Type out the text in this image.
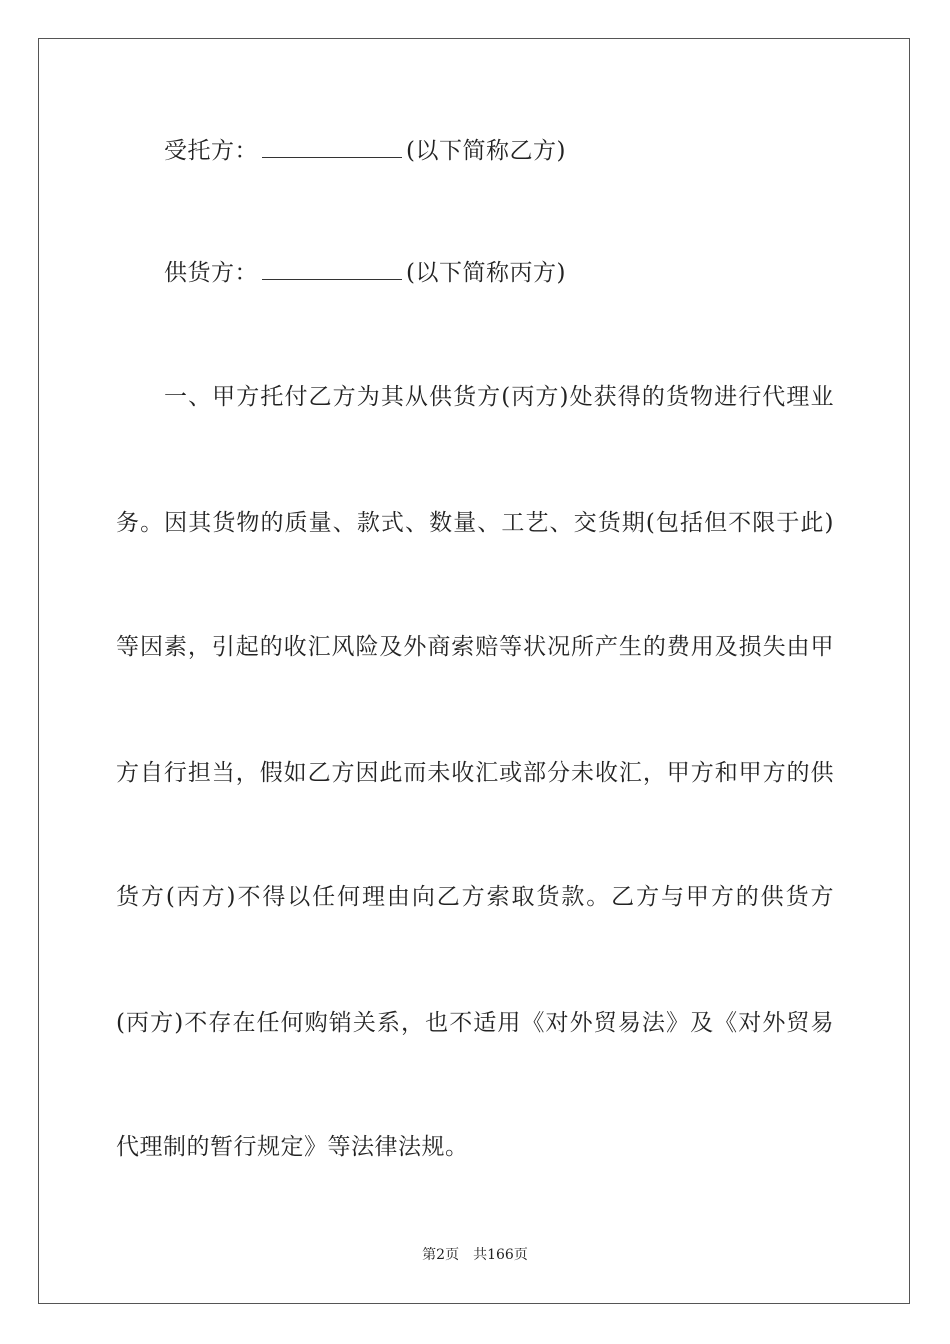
受托方：	(以下简称乙方)
供货方：	(以下简称丙方)
一、甲方托付乙方为其从供货方(丙方)处获得的货物进行代理业
务。因其货物的质量、款式、数量、工艺、交货期(包括但不限于此)
等因素，引起的收汇风险及外商索赔等状况所产生的费用及损失由甲
方自行担当，假如乙方因此而未收汇或部分未收汇，甲方和甲方的供
货方(丙方)不得以任何理由向乙方索取货款。乙方与甲方的供货方
(丙方)不存在任何购销关系，也不适用《对外贸易法》及《对外贸易
代理制的暂行规定》等法律法规。
第2页 共166页
